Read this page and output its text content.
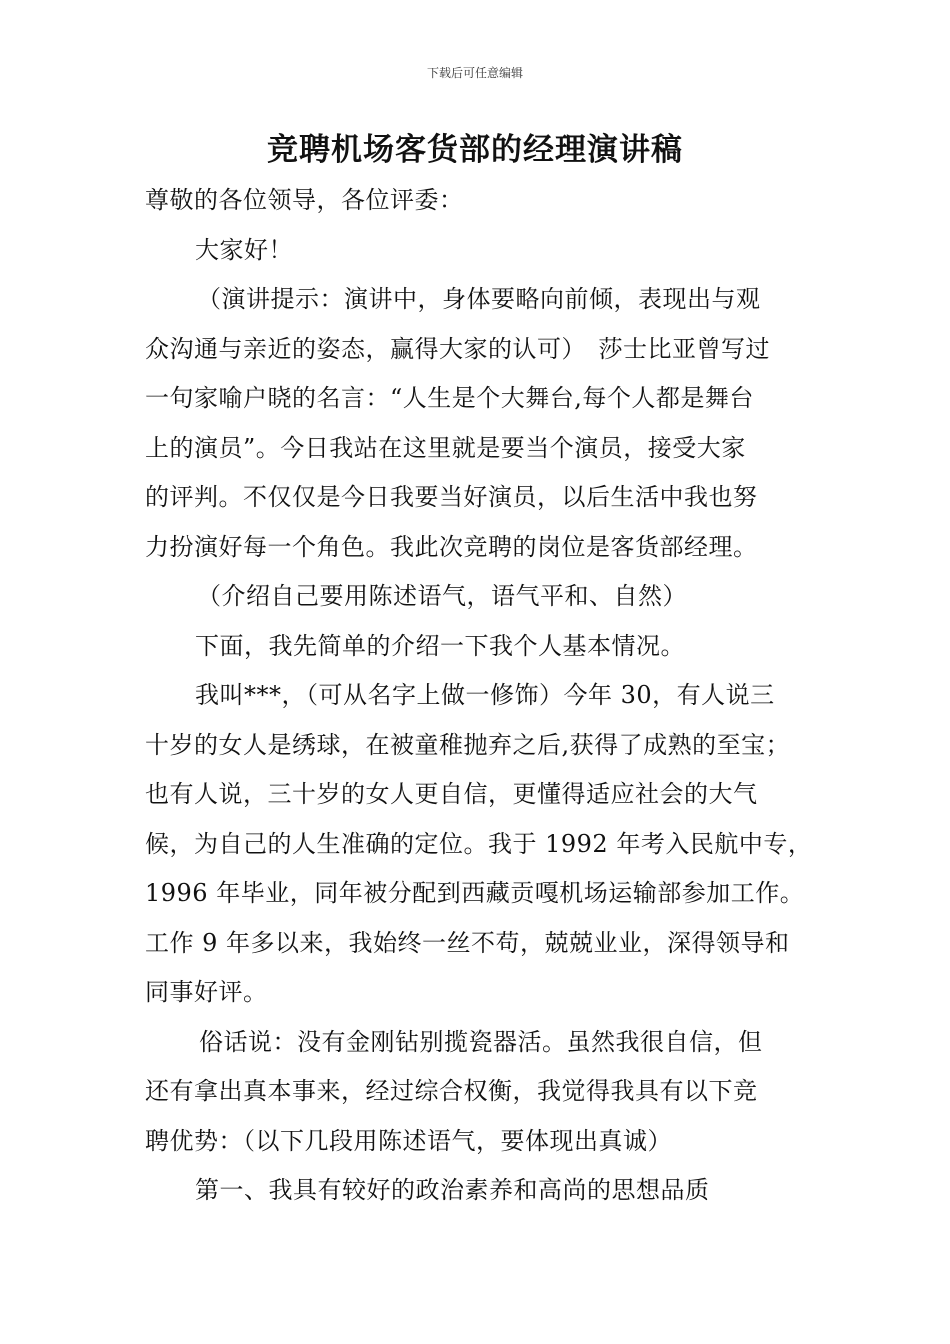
下载后可任意编辑
竞聘机场客货部的经理演讲稿
尊敬的各位领导，各位评委：
大家好！
（演讲提示：演讲中，身体要略向前倾，表现出与观
众沟通与亲近的姿态，赢得大家的认可）　莎士比亚曾写过
一句家喻户晓的名言：“人生是个大舞台,每个人都是舞台
上的演员”。今日我站在这里就是要当个演员，接受大家
的评判。不仅仅是今日我要当好演员，以后生活中我也努
力扮演好每一个角色。我此次竞聘的岗位是客货部经理。
（介绍自己要用陈述语气，语气平和、自然）
下面，我先简单的介绍一下我个人基本情况。
我叫***，（可从名字上做一修饰）今年 30，有人说三
十岁的女人是绣球，在被童稚抛弃之后,获得了成熟的至宝；
也有人说，三十岁的女人更自信，更懂得适应社会的大气
候，为自己的人生准确的定位。我于 1992 年考入民航中专，
1996 年毕业，同年被分配到西藏贡嘎机场运输部参加工作。
工作 9 年多以来，我始终一丝不苟，兢兢业业，深得领导和
同事好评。
俗话说：没有金刚钻别揽瓷器活。虽然我很自信，但
还有拿出真本事来，经过综合权衡，我觉得我具有以下竞
聘优势：（以下几段用陈述语气，要体现出真诚）
第一、我具有较好的政治素养和高尚的思想品质
